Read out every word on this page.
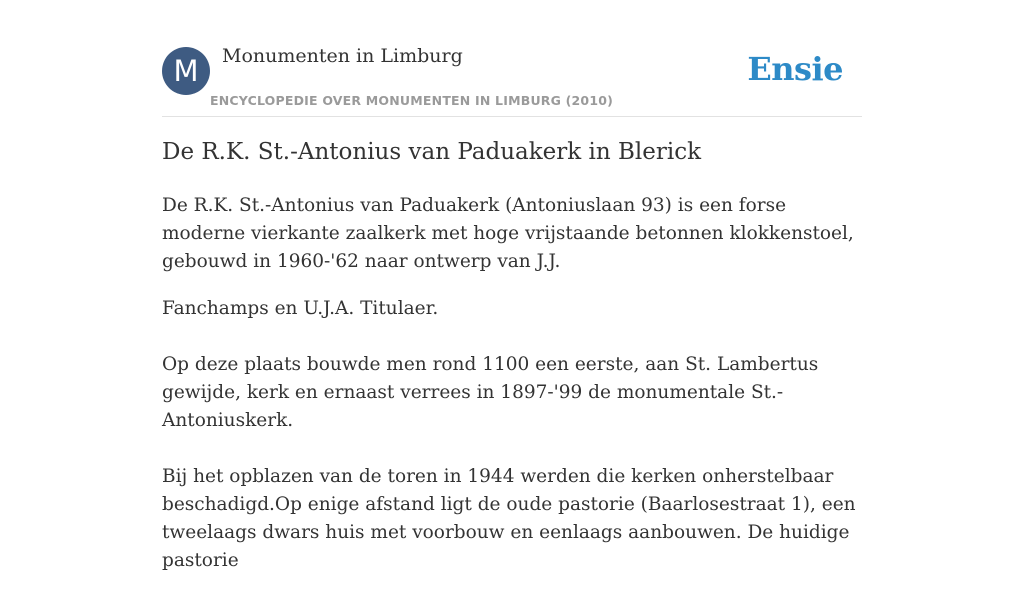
M	Monumenten in Limburg
ENCYCLOPEDIE OVER MONUMENTEN IN LIMBURG (2010)
Ensie
De R.K. St.-Antonius van Paduakerk in Blerick

De R.K. St.-Antonius van Paduakerk (Antoniuslaan 93) is een forse moderne vierkante zaalkerk met hoge vrijstaande betonnen klokkenstoel, gebouwd in 1960-'62 naar ontwerp van J.J.

Fanchamps en U.J.A. Titulaer.

Op deze plaats bouwde men rond 1100 een eerste, aan St. Lambertus gewijde, kerk en ernaast verrees in 1897-'99 de monumentale St.-Antoniuskerk.

Bij het opblazen van de toren in 1944 werden die kerken onherstelbaar beschadigd.Op enige afstand ligt de oude pastorie (Baarlosestraat 1), een tweelaags dwars huis met voorbouw en eenlaags aanbouwen. De huidige pastorie
